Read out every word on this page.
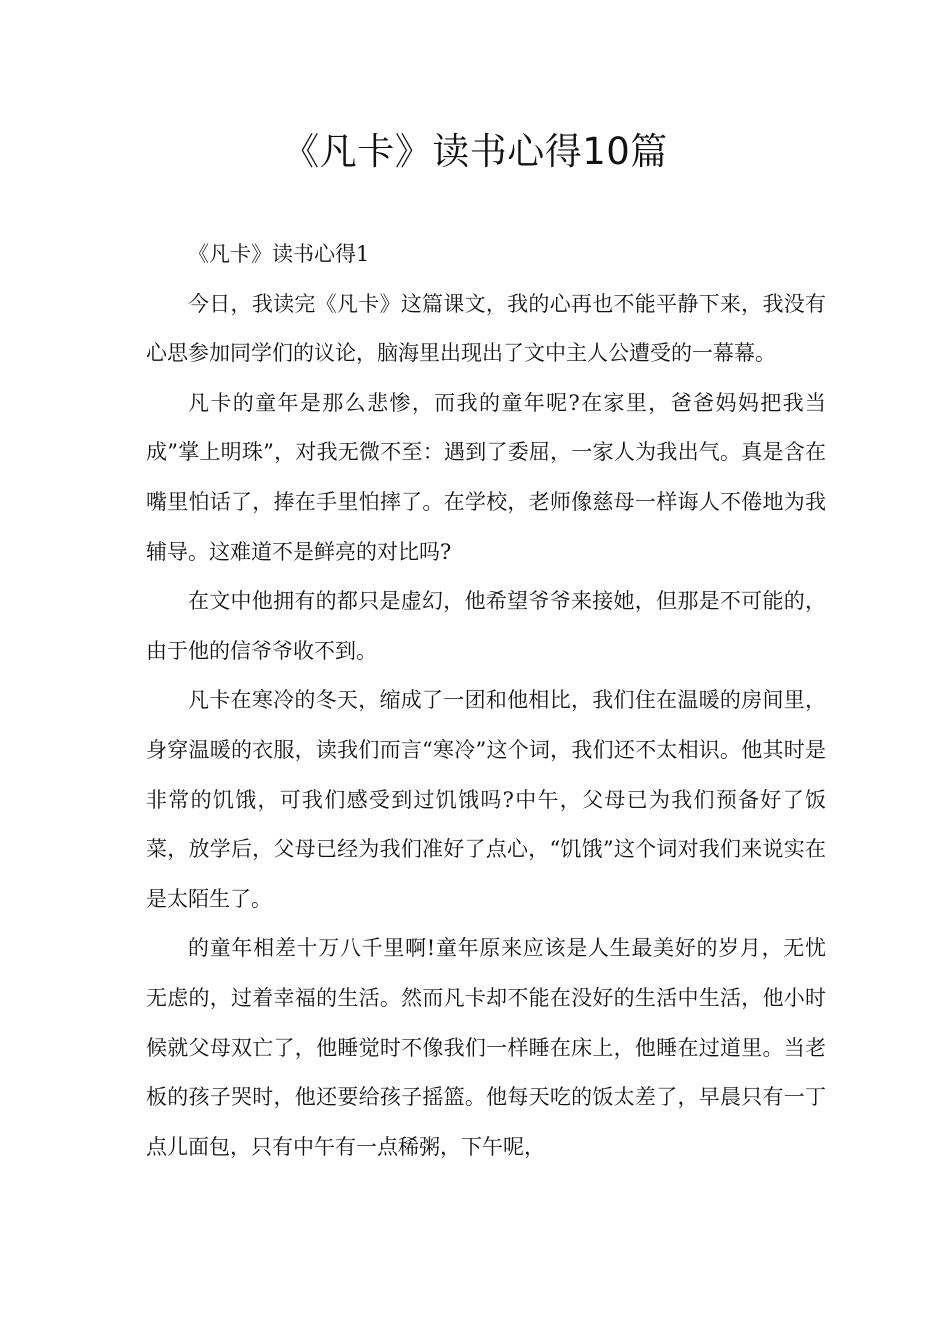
《凡卡》读书心得10篇

《凡卡》读书心得1

今日，我读完《凡卡》这篇课文，我的心再也不能平静下来，我没有心思参加同学们的议论，脑海里出现出了文中主人公遭受的一幕幕。

凡卡的童年是那么悲惨，而我的童年呢?在家里，爸爸妈妈把我当成”掌上明珠”，对我无微不至：遇到了委屈，一家人为我出气。真是含在嘴里怕话了，捧在手里怕摔了。在学校，老师像慈母一样诲人不倦地为我辅导。这难道不是鲜亮的对比吗?

在文中他拥有的都只是虚幻，他希望爷爷来接她，但那是不可能的，由于他的信爷爷收不到。

凡卡在寒冷的冬天，缩成了一团和他相比，我们住在温暖的房间里，身穿温暖的衣服，读我们而言“寒冷”这个词，我们还不太相识。他其时是非常的饥饿，可我们感受到过饥饿吗?中午，父母已为我们预备好了饭菜，放学后，父母已经为我们准好了点心，“饥饿”这个词对我们来说实在是太陌生了。

的童年相差十万八千里啊!童年原来应该是人生最美好的岁月，无忧无虑的，过着幸福的生活。然而凡卡却不能在没好的生活中生活，他小时候就父母双亡了，他睡觉时不像我们一样睡在床上，他睡在过道里。当老板的孩子哭时，他还要给孩子摇篮。他每天吃的饭太差了，早晨只有一丁点儿面包，只有中午有一点稀粥，下午呢，
